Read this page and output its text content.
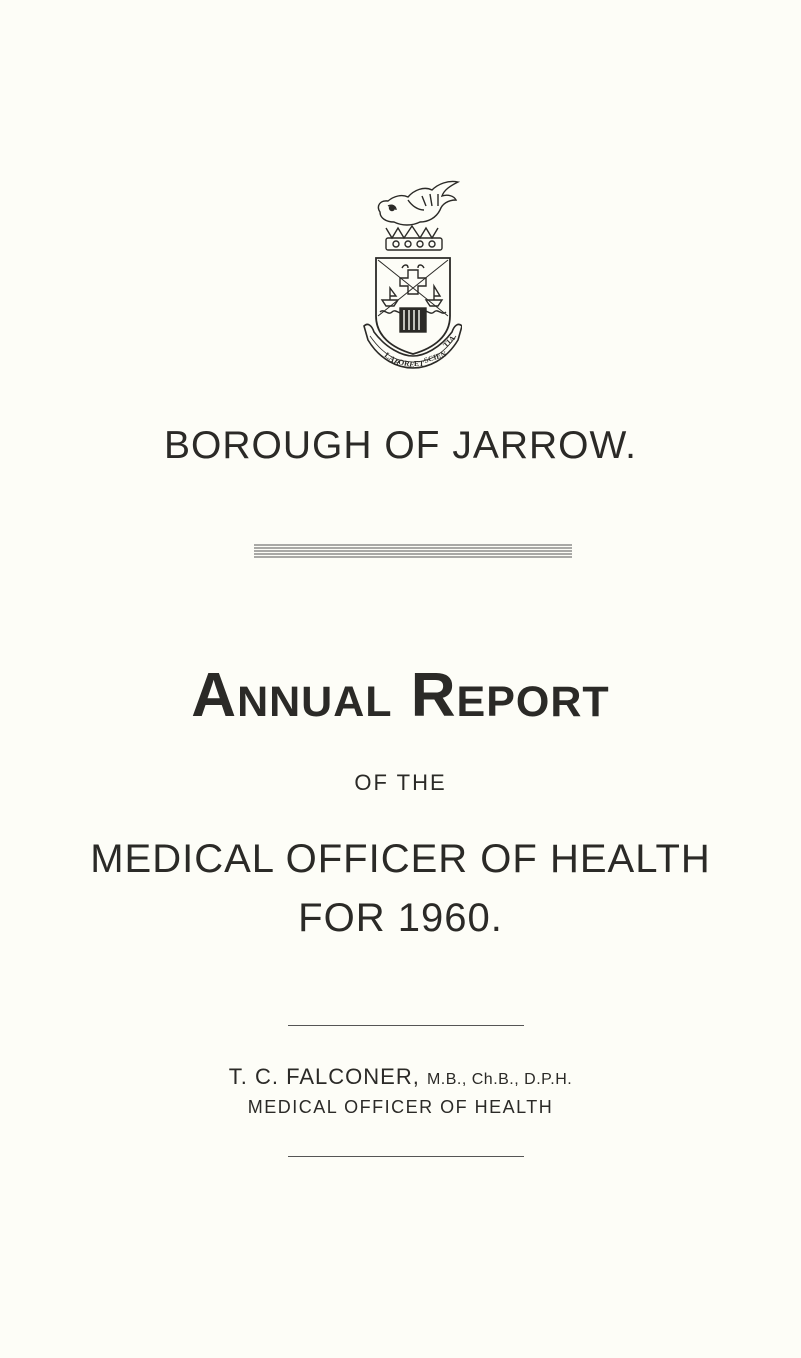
LAB
ORE
ET
SCIEN
TIA
BOROUGH OF JARROW.
Annual Report
OF THE
MEDICAL OFFICER OF HEALTH
FOR 1960.
T. C. FALCONER, M.B., Ch.B., D.P.H.
MEDICAL OFFICER OF HEALTH
